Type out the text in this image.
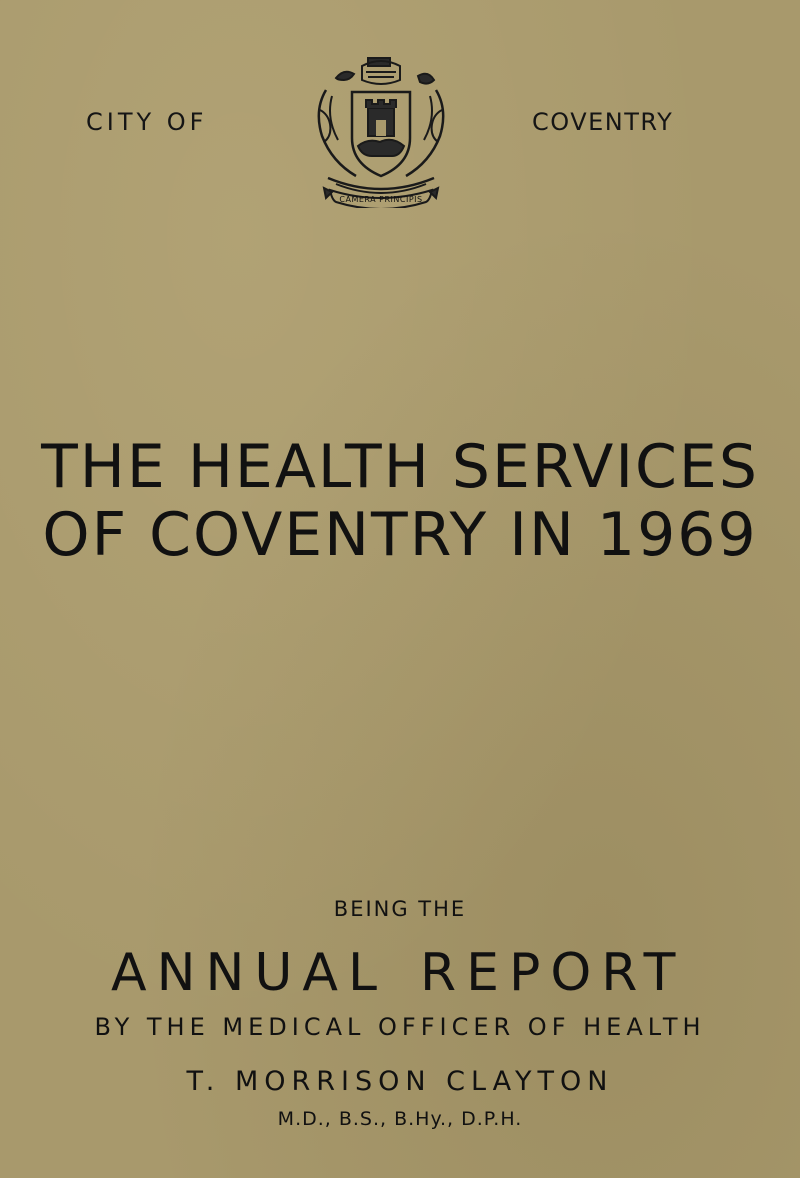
CITY OF	COVENTRY
CAMERA PRINCIPIS
THE HEALTH SERVICES
OF COVENTRY IN 1969
BEING THE
ANNUAL REPORT
BY THE MEDICAL OFFICER OF HEALTH
T. MORRISON CLAYTON
M.D., B.S., B.Hy., D.P.H.
